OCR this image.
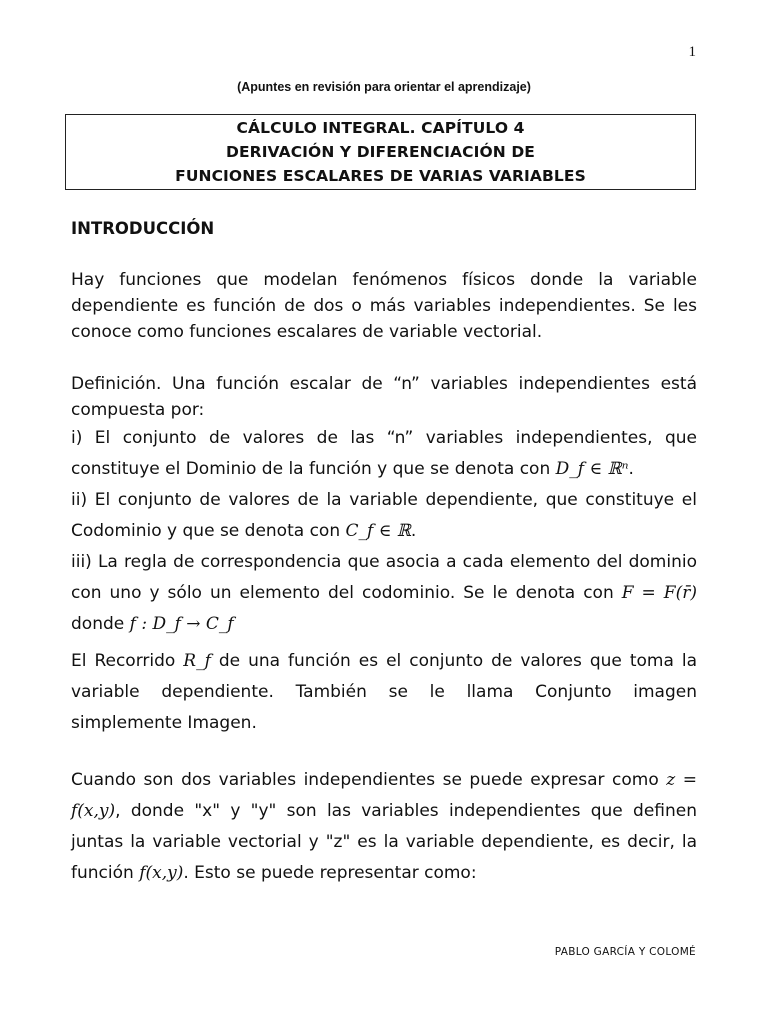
1
(Apuntes en revisión para orientar el aprendizaje)
CÁLCULO INTEGRAL. CAPÍTULO 4
DERIVACIÓN Y DIFERENCIACIÓN DE
FUNCIONES ESCALARES DE VARIAS VARIABLES
INTRODUCCIÓN

Hay funciones que modelan fenómenos físicos donde la variable dependiente es función de dos o más variables independientes. Se les conoce como funciones escalares de variable vectorial.

Definición. Una función escalar de “n” variables independientes está compuesta por:

i) El conjunto de valores de las “n” variables independientes, que constituye el Dominio de la función y que se denota con D_f ∈ ℝⁿ.

ii) El conjunto de valores de la variable dependiente, que constituye el Codominio y que se denota con C_f ∈ ℝ.

iii) La regla de correspondencia que asocia a cada elemento del dominio con uno y sólo un elemento del codominio. Se le denota con F = F(r̄) donde f : D_f → C_f

El Recorrido R_f de una función es el conjunto de valores que toma la variable dependiente. También se le llama Conjunto imagen simplemente Imagen.

Cuando son dos variables independientes se puede expresar como z = f(x,y), donde "x" y "y" son las variables independientes que definen juntas la variable vectorial y "z" es la variable dependiente, es decir, la función f(x,y). Esto se puede representar como:

PABLO GARCÍA Y COLOMÉ
